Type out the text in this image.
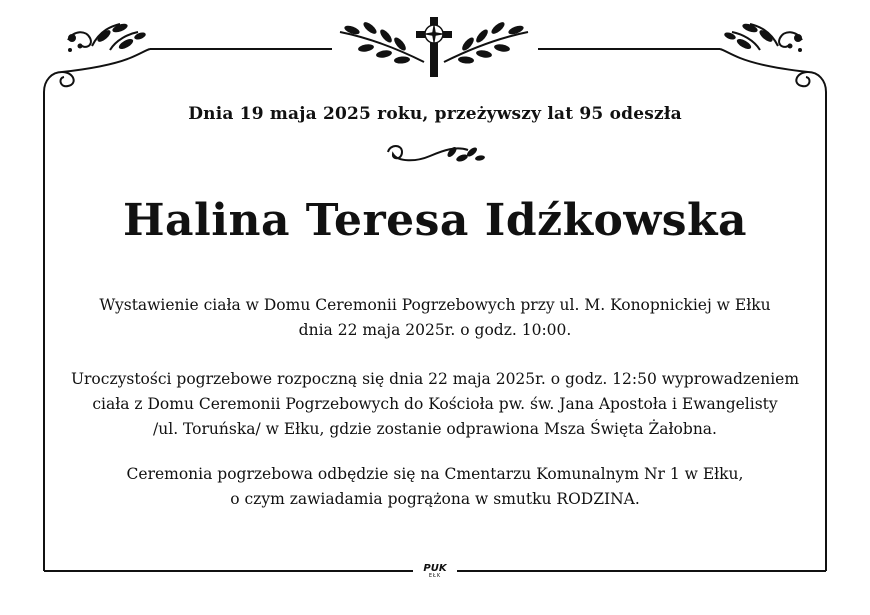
Dnia 19 maja 2025 roku, przeżywszy lat 95 odeszła
Halina Teresa Idźkowska
Wystawienie ciała w Domu Ceremonii Pogrzebowych przy ul. M. Konopnickiej w Ełku
dnia 22 maja 2025r. o godz. 10:00.
Uroczystości pogrzebowe rozpoczną się dnia 22 maja 2025r. o godz. 12:50 wyprowadzeniem
ciała z Domu Ceremonii Pogrzebowych do Kościoła pw. św. Jana Apostoła i Ewangelisty
/ul. Toruńska/ w Ełku, gdzie zostanie odprawiona Msza Święta Żałobna.
Ceremonia pogrzebowa odbędzie się na Cmentarzu Komunalnym Nr 1 w Ełku,
o czym zawiadamia pogrążona w smutku RODZINA.
PUK
EŁK
